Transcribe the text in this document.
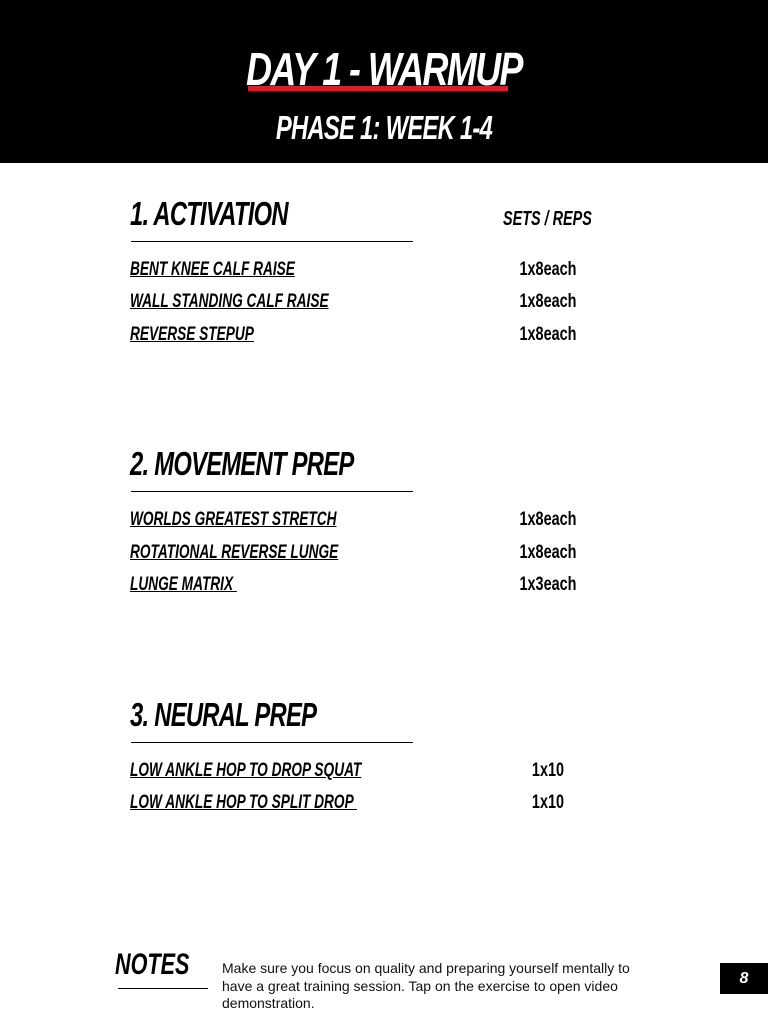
DAY 1 - WARMUP
PHASE 1: WEEK 1-4
1. ACTIVATION	SETS / REPS
BENT KNEE CALF RAISE	1x8each
WALL STANDING CALF RAISE	1x8each
REVERSE STEPUP	1x8each
2. MOVEMENT PREP
WORLDS GREATEST STRETCH	1x8each
ROTATIONAL REVERSE LUNGE	1x8each
LUNGE MATRIX	1x3each
3. NEURAL PREP
LOW ANKLE HOP TO DROP SQUAT	1x10
LOW ANKLE HOP TO SPLIT DROP	1x10
NOTES Make sure you focus on quality and preparing yourself mentally to have a great training session. Tap on the exercise to open video demonstration.
8
